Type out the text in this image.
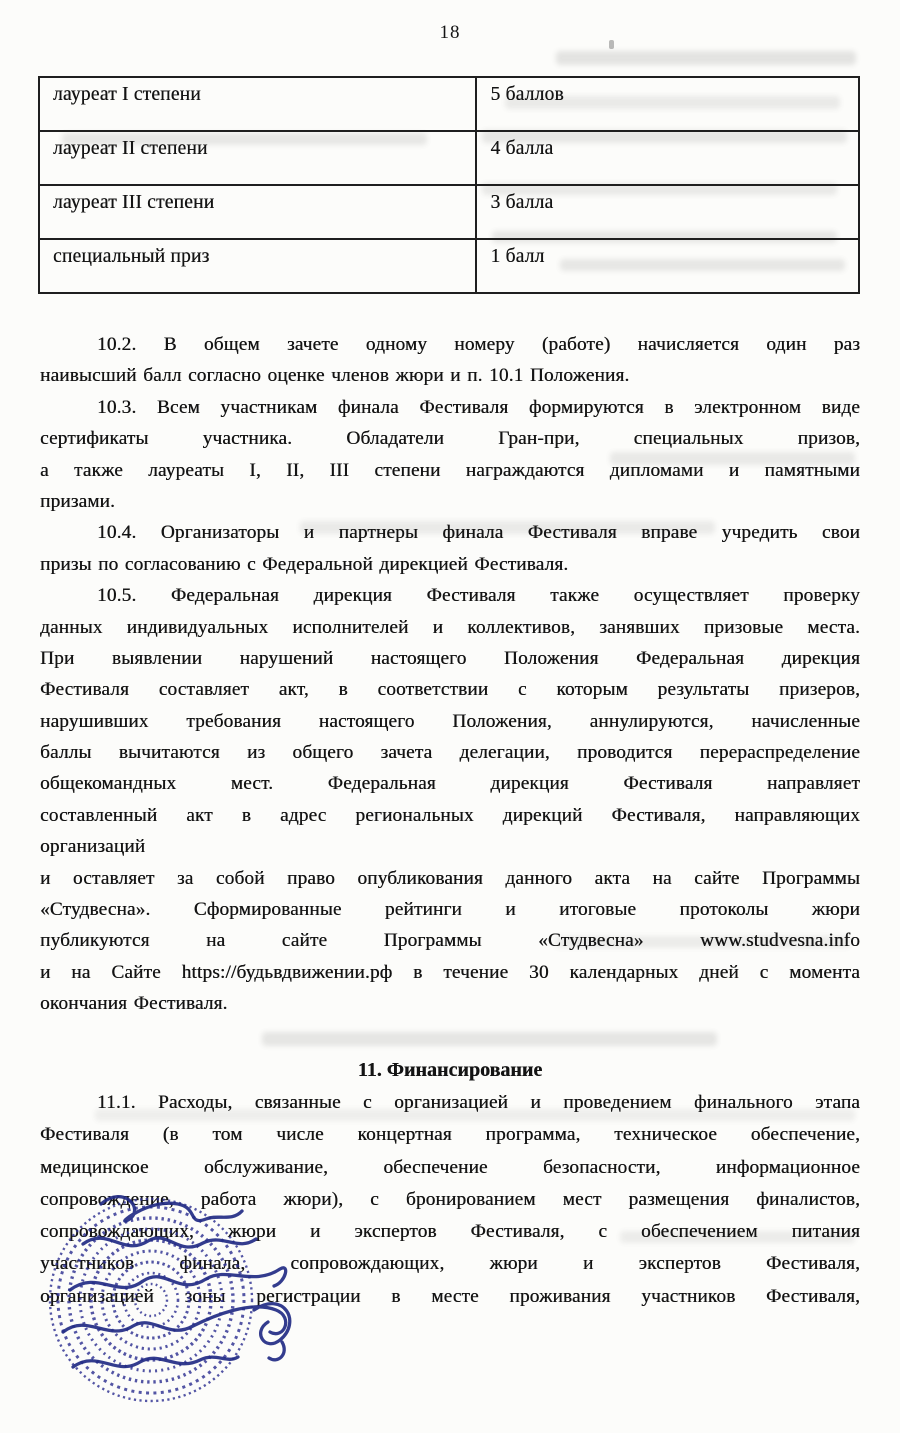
18
лауреат I степени	5 баллов
лауреат II степени	4 балла
лауреат III степени	3 балла
специальный приз	1 балл
10.2. В общем зачете одному номеру (работе) начисляется один раз
наивысший балл согласно оценке членов жюри и п. 10.1 Положения.
10.3. Всем участникам финала Фестиваля формируются в электронном виде
сертификаты участника. Обладатели Гран-при, специальных призов,
а также лауреаты I, II, III степени награждаются дипломами и памятными
призами.
10.4. Организаторы и партнеры финала Фестиваля вправе учредить свои
призы по согласованию с Федеральной дирекцией Фестиваля.
10.5. Федеральная дирекция Фестиваля также осуществляет проверку
данных индивидуальных исполнителей и коллективов, занявших призовые места.
При выявлении нарушений настоящего Положения Федеральная дирекция
Фестиваля составляет акт, в соответствии с которым результаты призеров,
нарушивших требования настоящего Положения, аннулируются, начисленные
баллы вычитаются из общего зачета делегации, проводится перераспределение
общекомандных мест. Федеральная дирекция Фестиваля направляет
составленный акт в адрес региональных дирекций Фестиваля, направляющих
организаций
и оставляет за собой право опубликования данного акта на сайте Программы
«Студвесна». Сформированные рейтинги и итоговые протоколы жюри
публикуются на сайте Программы «Студвесна» www.studvesna.info
и на Сайте https://будьвдвижении.рф в течение 30 календарных дней с момента
окончания Фестиваля.
11. Финансирование
11.1. Расходы, связанные с организацией и проведением финального этапа
Фестиваля (в том числе концертная программа, техническое обеспечение,
медицинское обслуживание, обеспечение безопасности, информационное
сопровождение, работа жюри), с бронированием мест размещения финалистов,
сопровождающих, жюри и экспертов Фестиваля, с обеспечением питания
участников финала, сопровождающих, жюри и экспертов Фестиваля,
организацией зоны регистрации в месте проживания участников Фестиваля,
